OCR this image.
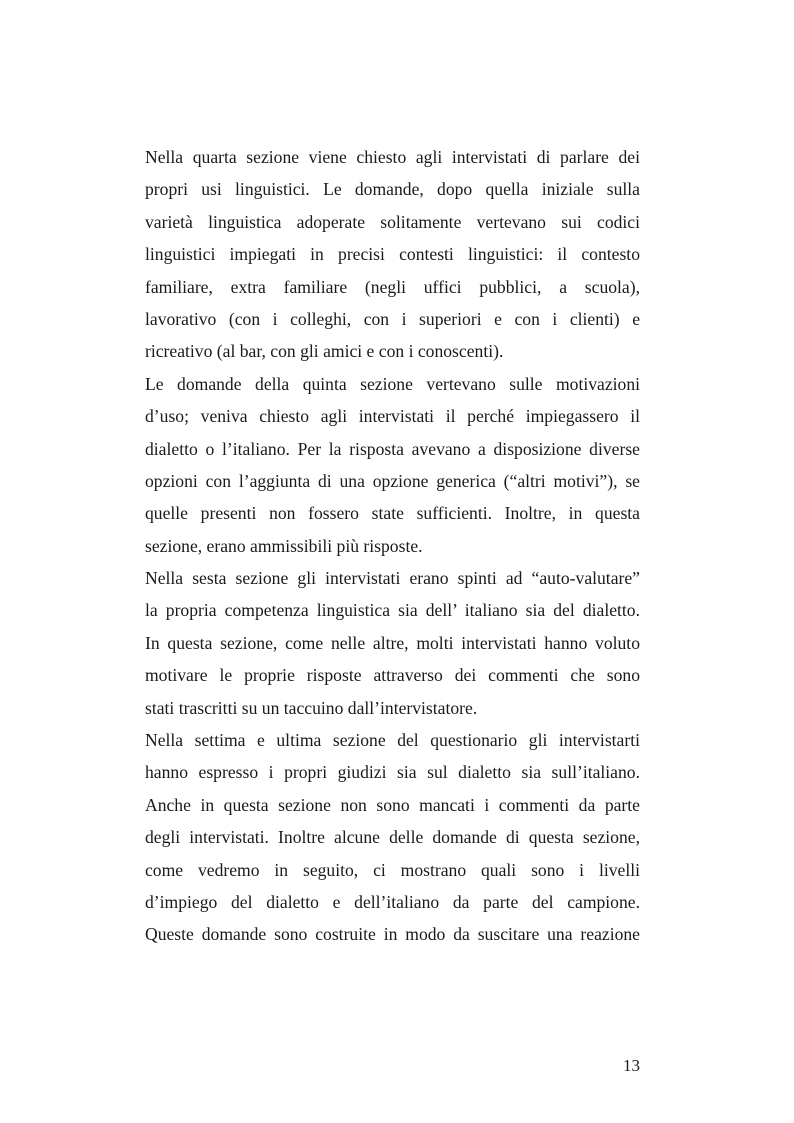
Nella quarta sezione viene chiesto agli intervistati di parlare dei
propri usi linguistici. Le domande, dopo quella iniziale sulla
varietà linguistica adoperate solitamente vertevano sui codici
linguistici impiegati in precisi contesti linguistici: il contesto
familiare, extra familiare (negli uffici pubblici, a scuola),
lavorativo (con i colleghi, con i superiori e con i clienti) e
ricreativo (al bar, con gli amici e con i conoscenti).
Le domande della quinta sezione vertevano sulle motivazioni
d’uso; veniva chiesto agli intervistati il perché impiegassero il
dialetto o l’italiano. Per la risposta avevano a disposizione diverse
opzioni con l’aggiunta di una opzione generica (“altri motivi”), se
quelle presenti non fossero state sufficienti. Inoltre, in questa
sezione, erano ammissibili più risposte.
Nella sesta sezione gli intervistati erano spinti ad “auto-valutare”
la propria competenza linguistica sia dell’ italiano sia del dialetto.
In questa sezione, come nelle altre, molti intervistati hanno voluto
motivare le proprie risposte attraverso dei commenti che sono
stati trascritti su un taccuino dall’intervistatore.
Nella settima e ultima sezione del questionario gli intervistarti
hanno espresso i propri giudizi sia sul dialetto sia sull’italiano.
Anche in questa sezione non sono mancati i commenti da parte
degli intervistati. Inoltre alcune delle domande di questa sezione,
come vedremo in seguito, ci mostrano quali sono i livelli
d’impiego del dialetto e dell’italiano da parte del campione.
Queste domande sono costruite in modo da suscitare una reazione
13
